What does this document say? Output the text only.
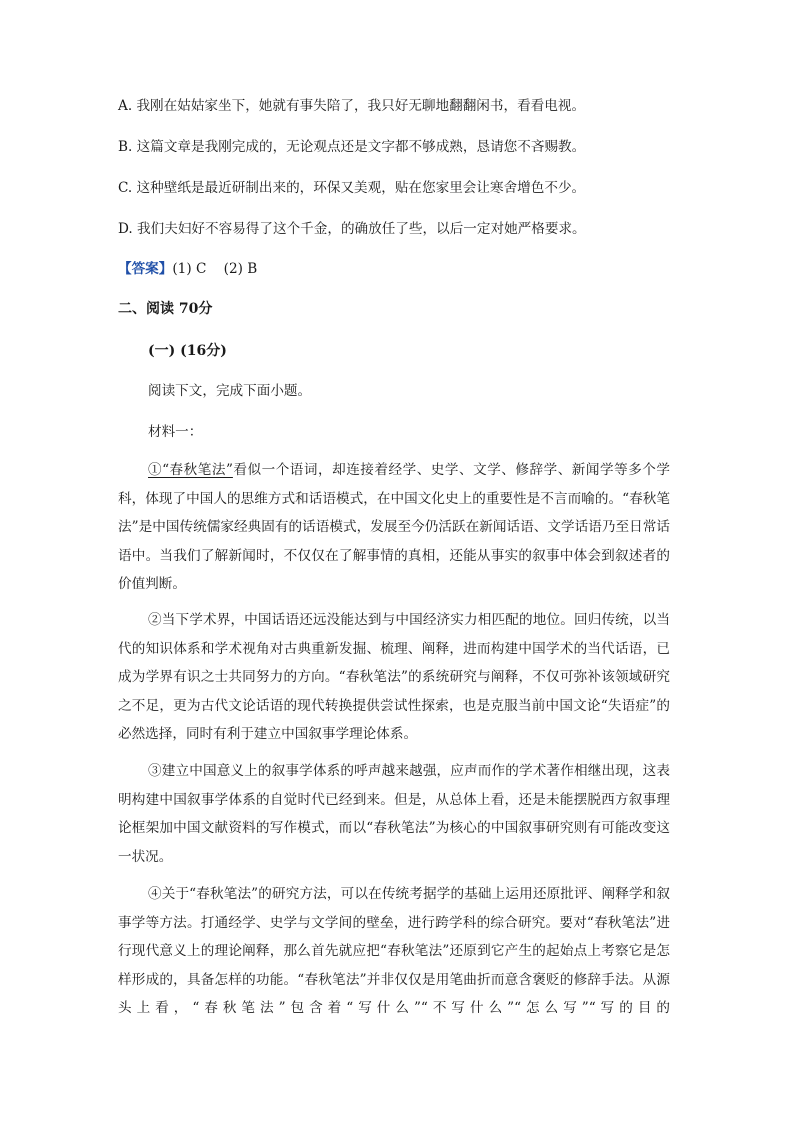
A. 我刚在姑姑家坐下，她就有事失陪了，我只好无聊地翻翻闲书，看看电视。
B. 这篇文章是我刚完成的，无论观点还是文字都不够成熟，恳请您不吝赐教。
C. 这种壁纸是最近研制出来的，环保又美观，贴在您家里会让寒舍增色不少。
D. 我们夫妇好不容易得了这个千金，的确放任了些，以后一定对她严格要求。
【答案】(1) C    (2) B
二、阅读 70分
(一) (16分)
阅读下文，完成下面小题。
材料一：
①“春秋笔法”看似一个语词，却连接着经学、史学、文学、修辞学、新闻学等多个学科，体现了中国人的思维方式和话语模式，在中国文化史上的重要性是不言而喻的。“春秋笔法”是中国传统儒家经典固有的话语模式，发展至今仍活跃在新闻话语、文学话语乃至日常话语中。当我们了解新闻时，不仅仅在了解事情的真相，还能从事实的叙事中体会到叙述者的价值判断。
②当下学术界，中国话语还远没能达到与中国经济实力相匹配的地位。回归传统，以当代的知识体系和学术视角对古典重新发掘、梳理、阐释，进而构建中国学术的当代话语，已成为学界有识之士共同努力的方向。“春秋笔法”的系统研究与阐释，不仅可弥补该领域研究之不足，更为古代文论话语的现代转换提供尝试性探索，也是克服当前中国文论“失语症”的必然选择，同时有利于建立中国叙事学理论体系。
③建立中国意义上的叙事学体系的呼声越来越强，应声而作的学术著作相继出现，这表明构建中国叙事学体系的自觉时代已经到来。但是，从总体上看，还是未能摆脱西方叙事理论框架加中国文献资料的写作模式，而以“春秋笔法”为核心的中国叙事研究则有可能改变这一状况。
④关于“春秋笔法”的研究方法，可以在传统考据学的基础上运用还原批评、阐释学和叙事学等方法。打通经学、史学与文学间的壁垒，进行跨学科的综合研究。要对“春秋笔法”进行现代意义上的理论阐释，那么首先就应把“春秋笔法”还原到它产生的起始点上考察它是怎样形成的，具备怎样的功能。“春秋笔法”并非仅仅是用笔曲折而意含褒贬的修辞手法。从源头上看，“春秋笔法”包含着“写什么”“不写什么”“怎么写”“写的目的
